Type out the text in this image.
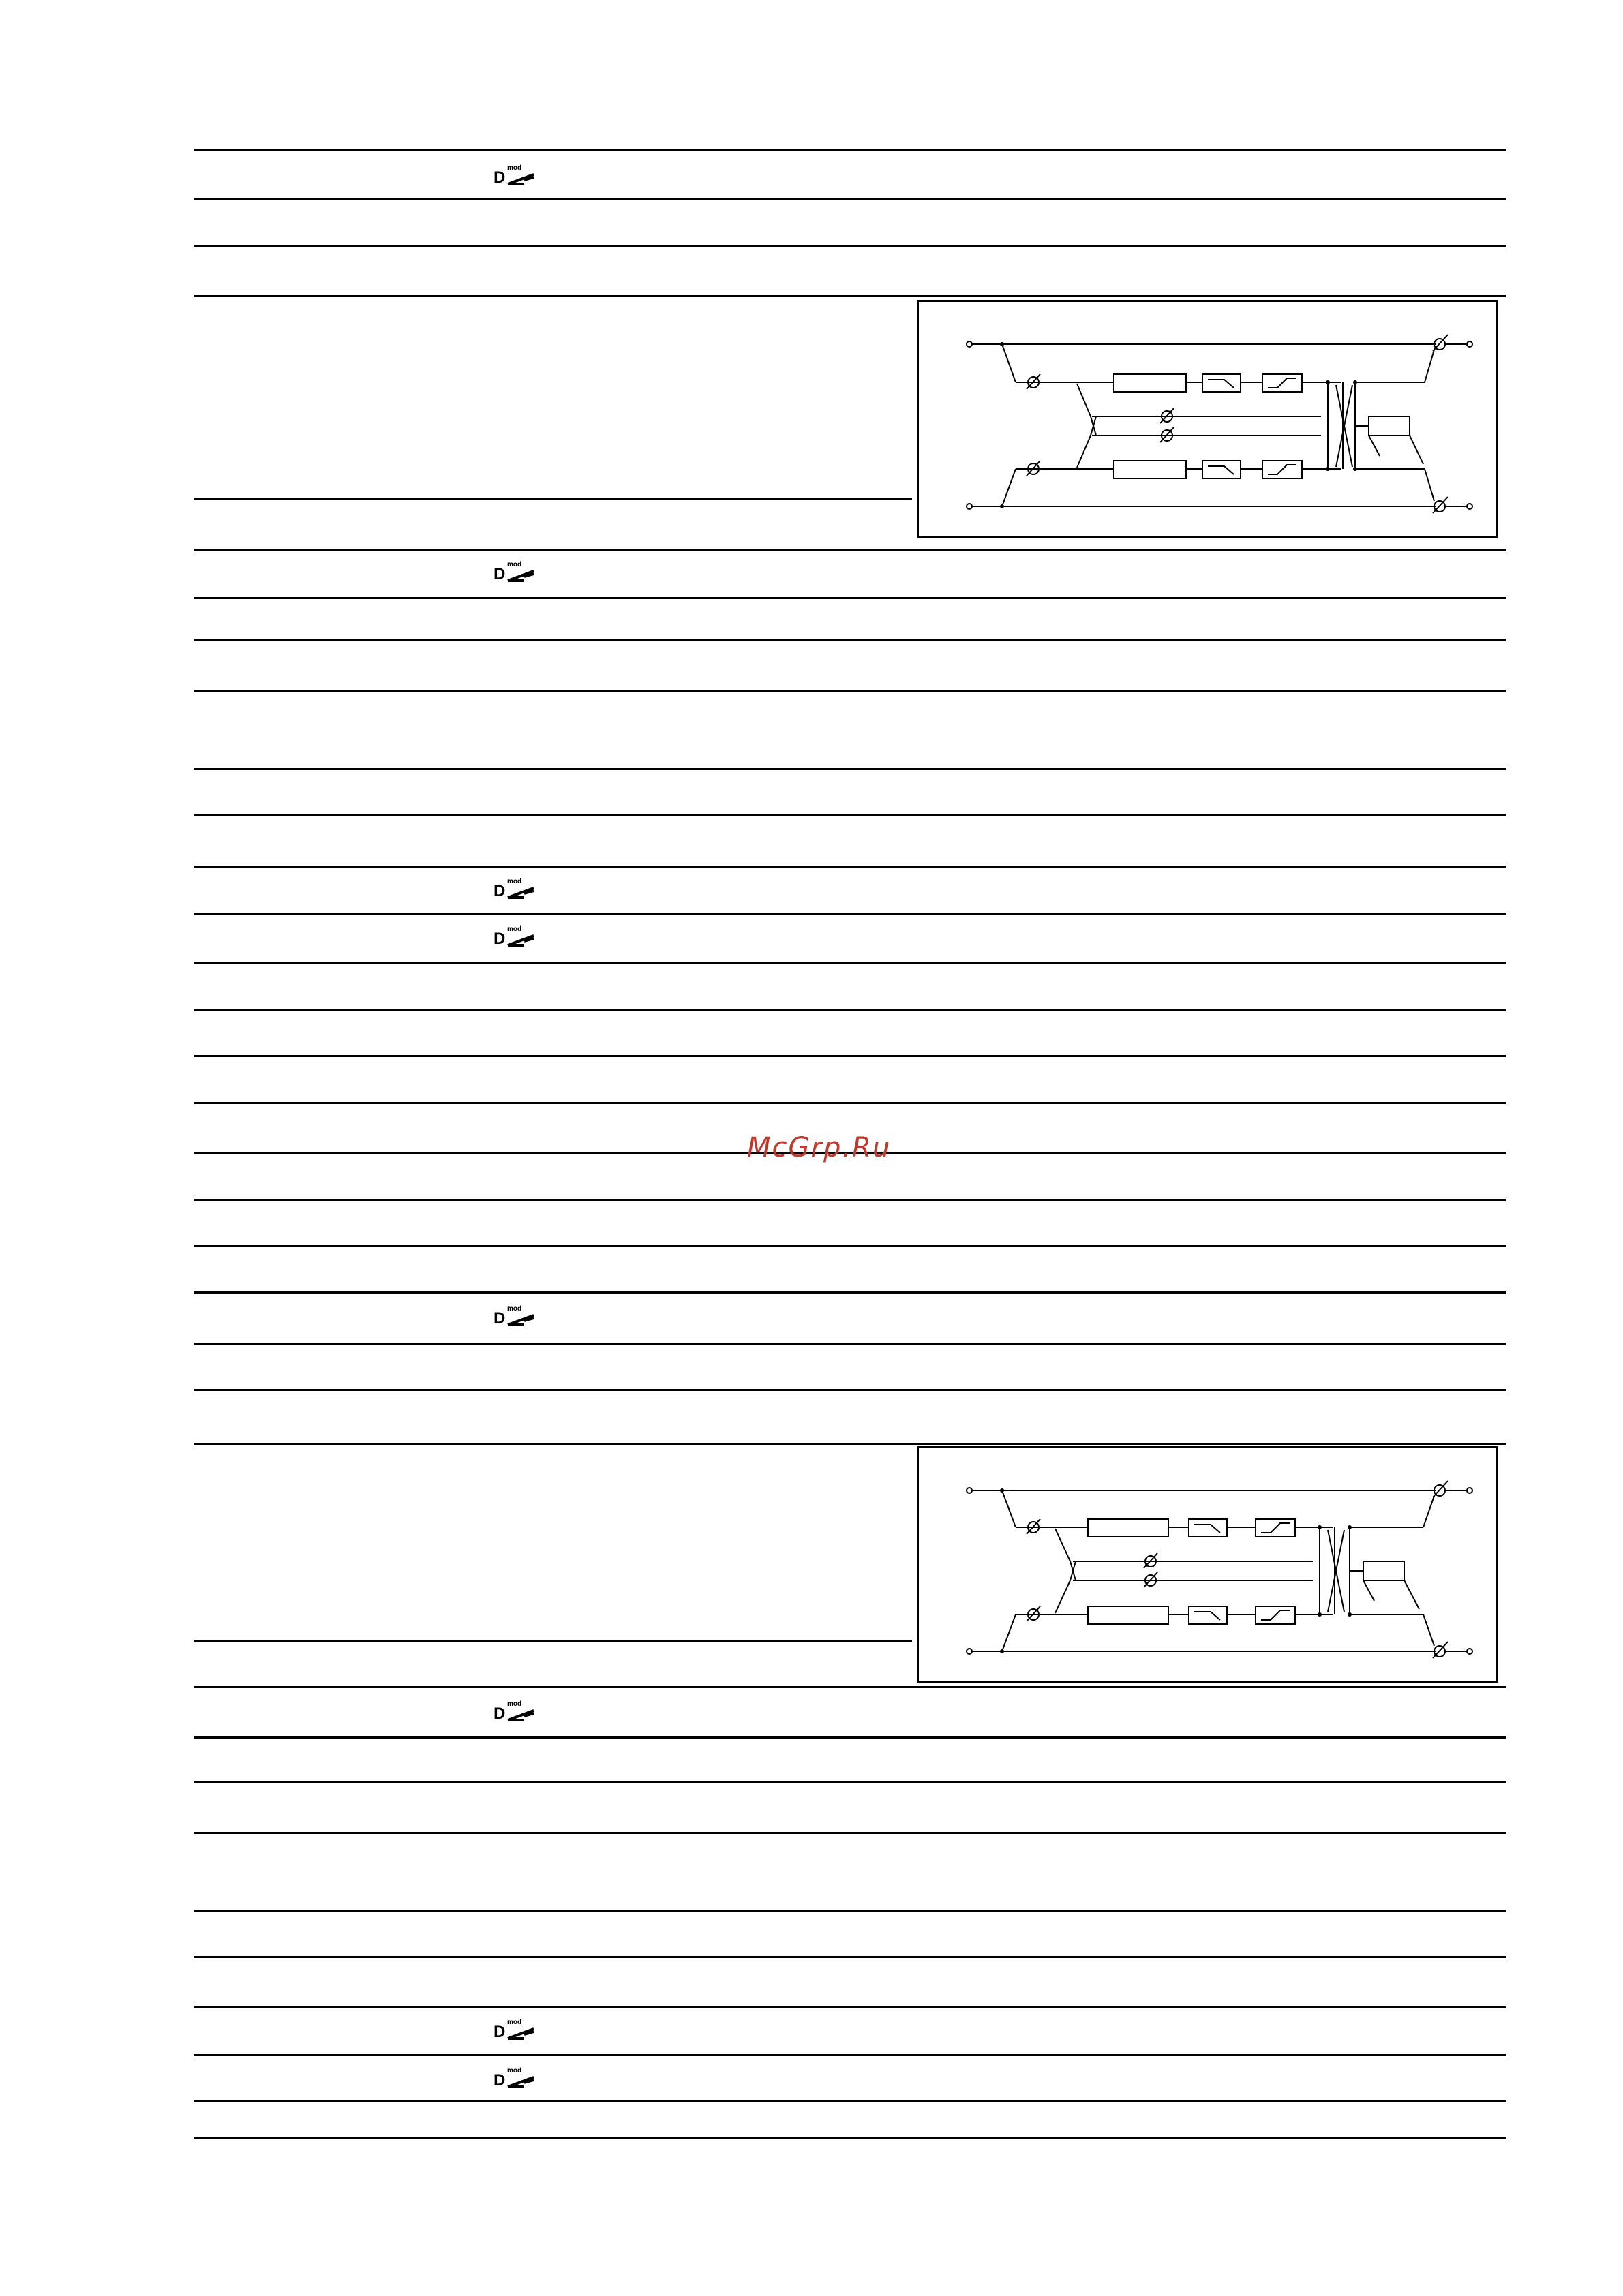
D
mod
D
mod
D
mod
D
mod
D
mod
D
mod
D
mod
D
mod
McGrp.Ru
